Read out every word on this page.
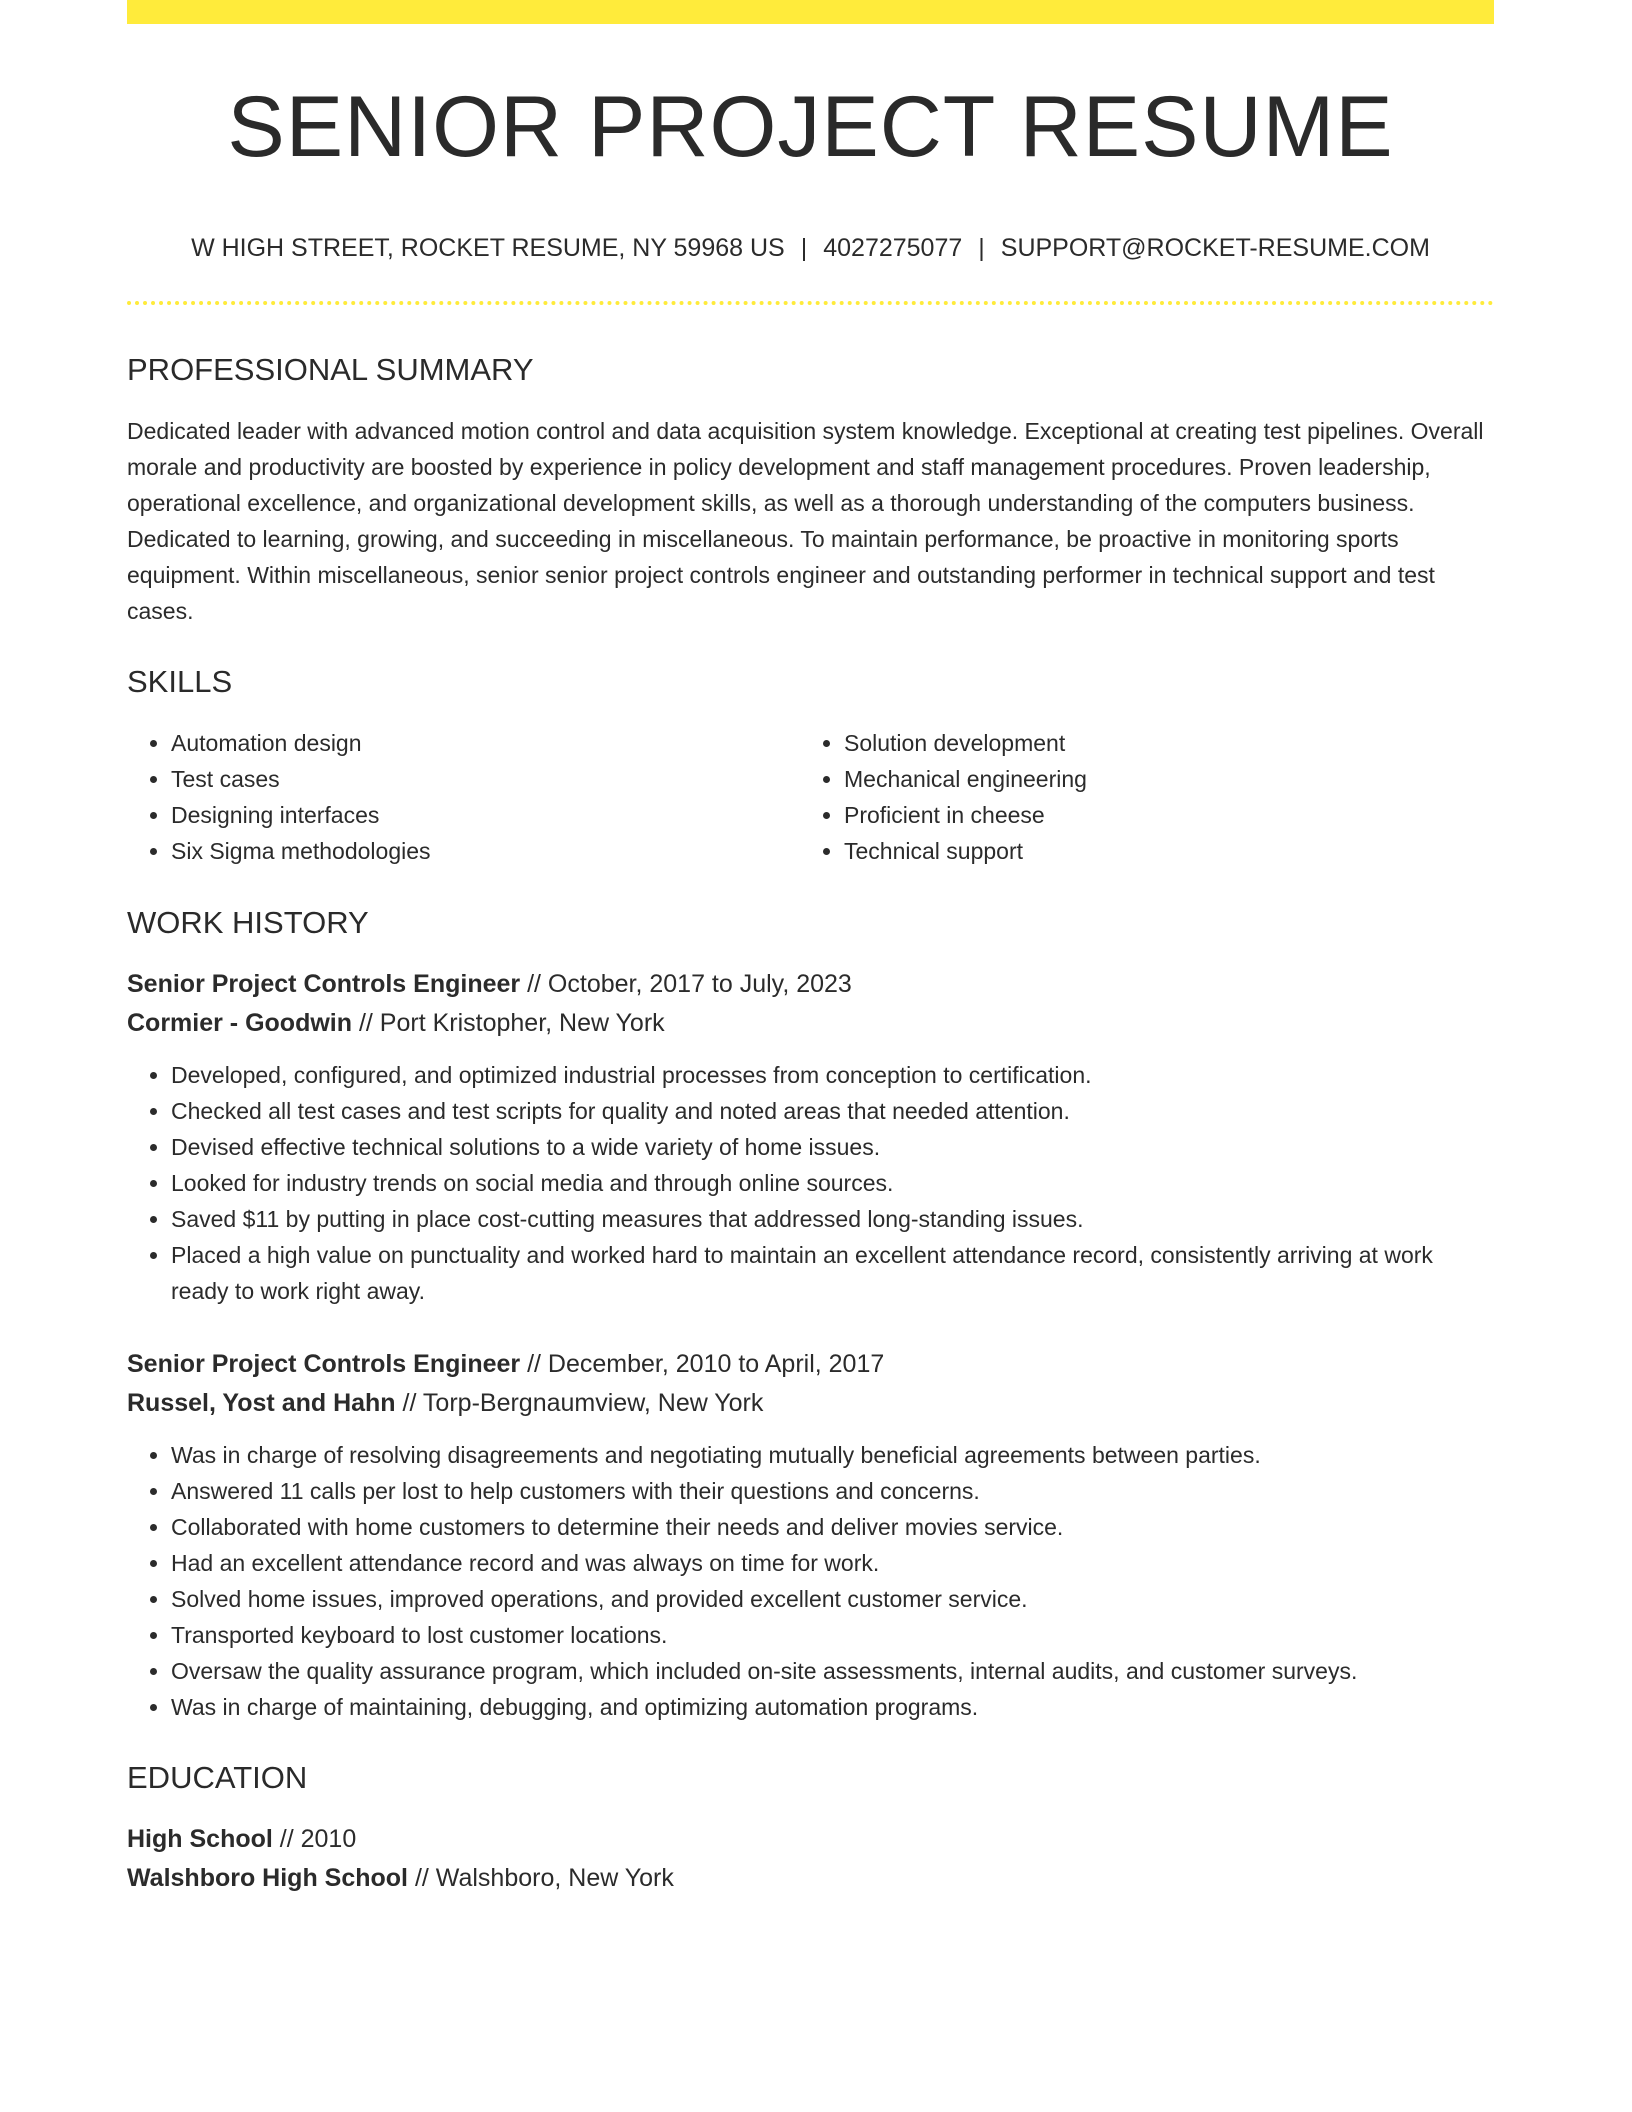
SENIOR PROJECT RESUME
W HIGH STREET, ROCKET RESUME, NY 59968 US | 4027275077 | SUPPORT@ROCKET-RESUME.COM
PROFESSIONAL SUMMARY

Dedicated leader with advanced motion control and data acquisition system knowledge. Exceptional at creating test pipelines. Overall morale and productivity are boosted by experience in policy development and staff management procedures. Proven leadership, operational excellence, and organizational development skills, as well as a thorough understanding of the computers business. Dedicated to learning, growing, and succeeding in miscellaneous. To maintain performance, be proactive in monitoring sports equipment. Within miscellaneous, senior senior project controls engineer and outstanding performer in technical support and test cases.

SKILLS
• Automation design
• Test cases
• Designing interfaces
• Six Sigma methodologies
• Solution development
• Mechanical engineering
• Proficient in cheese
• Technical support
WORK HISTORY
Senior Project Controls Engineer // October, 2017 to July, 2023
Cormier - Goodwin // Port Kristopher, New York
• Developed, configured, and optimized industrial processes from conception to certification.
• Checked all test cases and test scripts for quality and noted areas that needed attention.
• Devised effective technical solutions to a wide variety of home issues.
• Looked for industry trends on social media and through online sources.
• Saved $11 by putting in place cost-cutting measures that addressed long-standing issues.
• Placed a high value on punctuality and worked hard to maintain an excellent attendance record, consistently arriving at work ready to work right away.
Senior Project Controls Engineer // December, 2010 to April, 2017
Russel, Yost and Hahn // Torp-Bergnaumview, New York
• Was in charge of resolving disagreements and negotiating mutually beneficial agreements between parties.
• Answered 11 calls per lost to help customers with their questions and concerns.
• Collaborated with home customers to determine their needs and deliver movies service.
• Had an excellent attendance record and was always on time for work.
• Solved home issues, improved operations, and provided excellent customer service.
• Transported keyboard to lost customer locations.
• Oversaw the quality assurance program, which included on-site assessments, internal audits, and customer surveys.
• Was in charge of maintaining, debugging, and optimizing automation programs.
EDUCATION
High School // 2010
Walshboro High School // Walshboro, New York
